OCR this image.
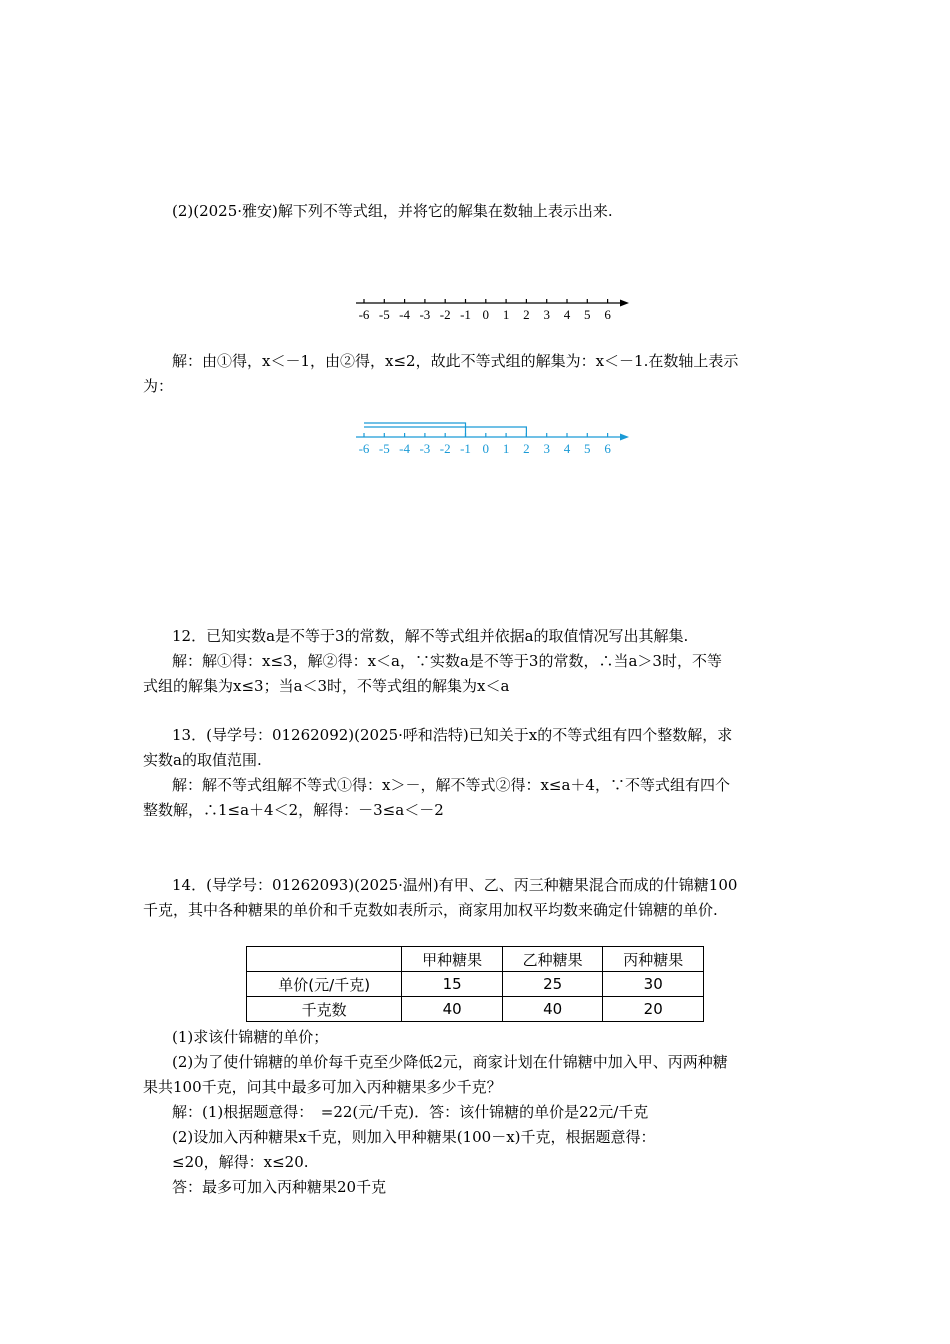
(2)(2025·雅安)解下列不等式组，并将它的解集在数轴上表示出来.
-6 -5 -4 -3 -2 -1 0 1 2 3 4 5 6
解：由①得，x＜－1，由②得，x≤2，故此不等式组的解集为：x＜－1.在数轴上表示
为：
-6 -5 -4 -3 -2 -1 0 1 2 3 4 5 6
12．已知实数a是不等于3的常数，解不等式组并依据a的取值情况写出其解集.
解：解①得：x≤3，解②得：x＜a，∵实数a是不等于3的常数，∴当a＞3时，不等
式组的解集为x≤3；当a＜3时，不等式组的解集为x＜a
13．(导学号：01262092)(2025·呼和浩特)已知关于x的不等式组有四个整数解，求
实数a的取值范围.
解：解不等式组解不等式①得：x＞－，解不等式②得：x≤a＋4，∵不等式组有四个
整数解，∴1≤a＋4＜2，解得：－3≤a＜－2
14．(导学号：01262093)(2025·温州)有甲、乙、丙三种糖果混合而成的什锦糖100
千克，其中各种糖果的单价和千克数如表所示，商家用加权平均数来确定什锦糖的单价.
	甲种糖果	乙种糖果	丙种糖果
单价(元/千克)	15	25	30
千克数	40	40	20
(1)求该什锦糖的单价；
(2)为了使什锦糖的单价每千克至少降低2元，商家计划在什锦糖中加入甲、丙两种糖
果共100千克，问其中最多可加入丙种糖果多少千克？
解：(1)根据题意得：　=22(元/千克)．答：该什锦糖的单价是22元/千克
(2)设加入丙种糖果x千克，则加入甲种糖果(100－x)千克，根据题意得：
≤20，解得：x≤20.
答：最多可加入丙种糖果20千克
